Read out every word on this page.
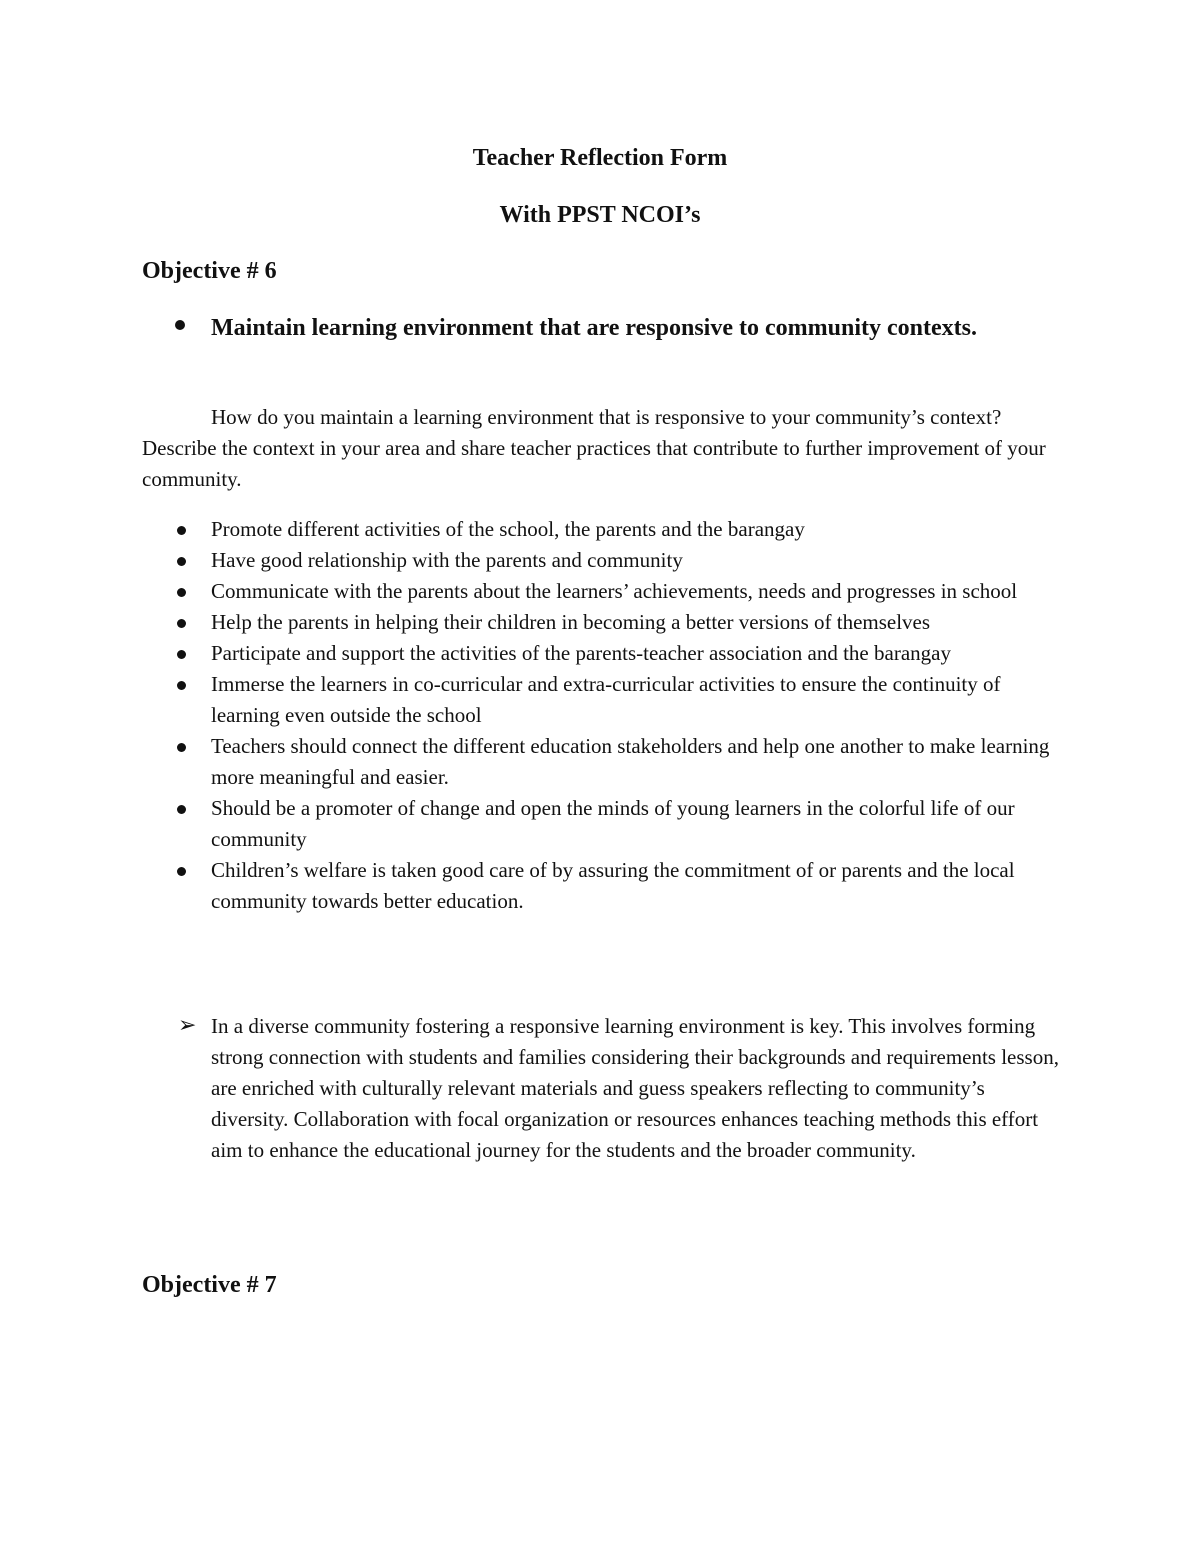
Teacher Reflection Form
With PPST NCOI’s
Objective # 6
Maintain learning environment that are responsive to community contexts.
How do you maintain a learning environment that is responsive to your community’s context? Describe the context in your area and share teacher practices that contribute to further improvement of your community.
Promote different activities of the school, the parents and the barangay
Have good relationship with the parents and community
Communicate with the parents about the learners’ achievements, needs and progresses in school
Help the parents in helping their children in becoming a better versions of themselves
Participate and support the activities of the parents-teacher association and the barangay
Immerse the learners in co-curricular and extra-curricular activities to ensure the continuity of learning even outside the school
Teachers should connect the different education stakeholders and help one another to make learning more meaningful and easier.
Should be a promoter of change and open the minds of young learners in the colorful life of our community
Children’s welfare is taken good care of by assuring the commitment of or parents and the local community towards better education.
➢ In a diverse community fostering a responsive learning environment is key. This involves forming strong connection with students and families considering their backgrounds and requirements lesson, are enriched with culturally relevant materials and guess speakers reflecting to community’s diversity. Collaboration with focal organization or resources enhances teaching methods this effort aim to enhance the educational journey for the students and the broader community.
Objective # 7
